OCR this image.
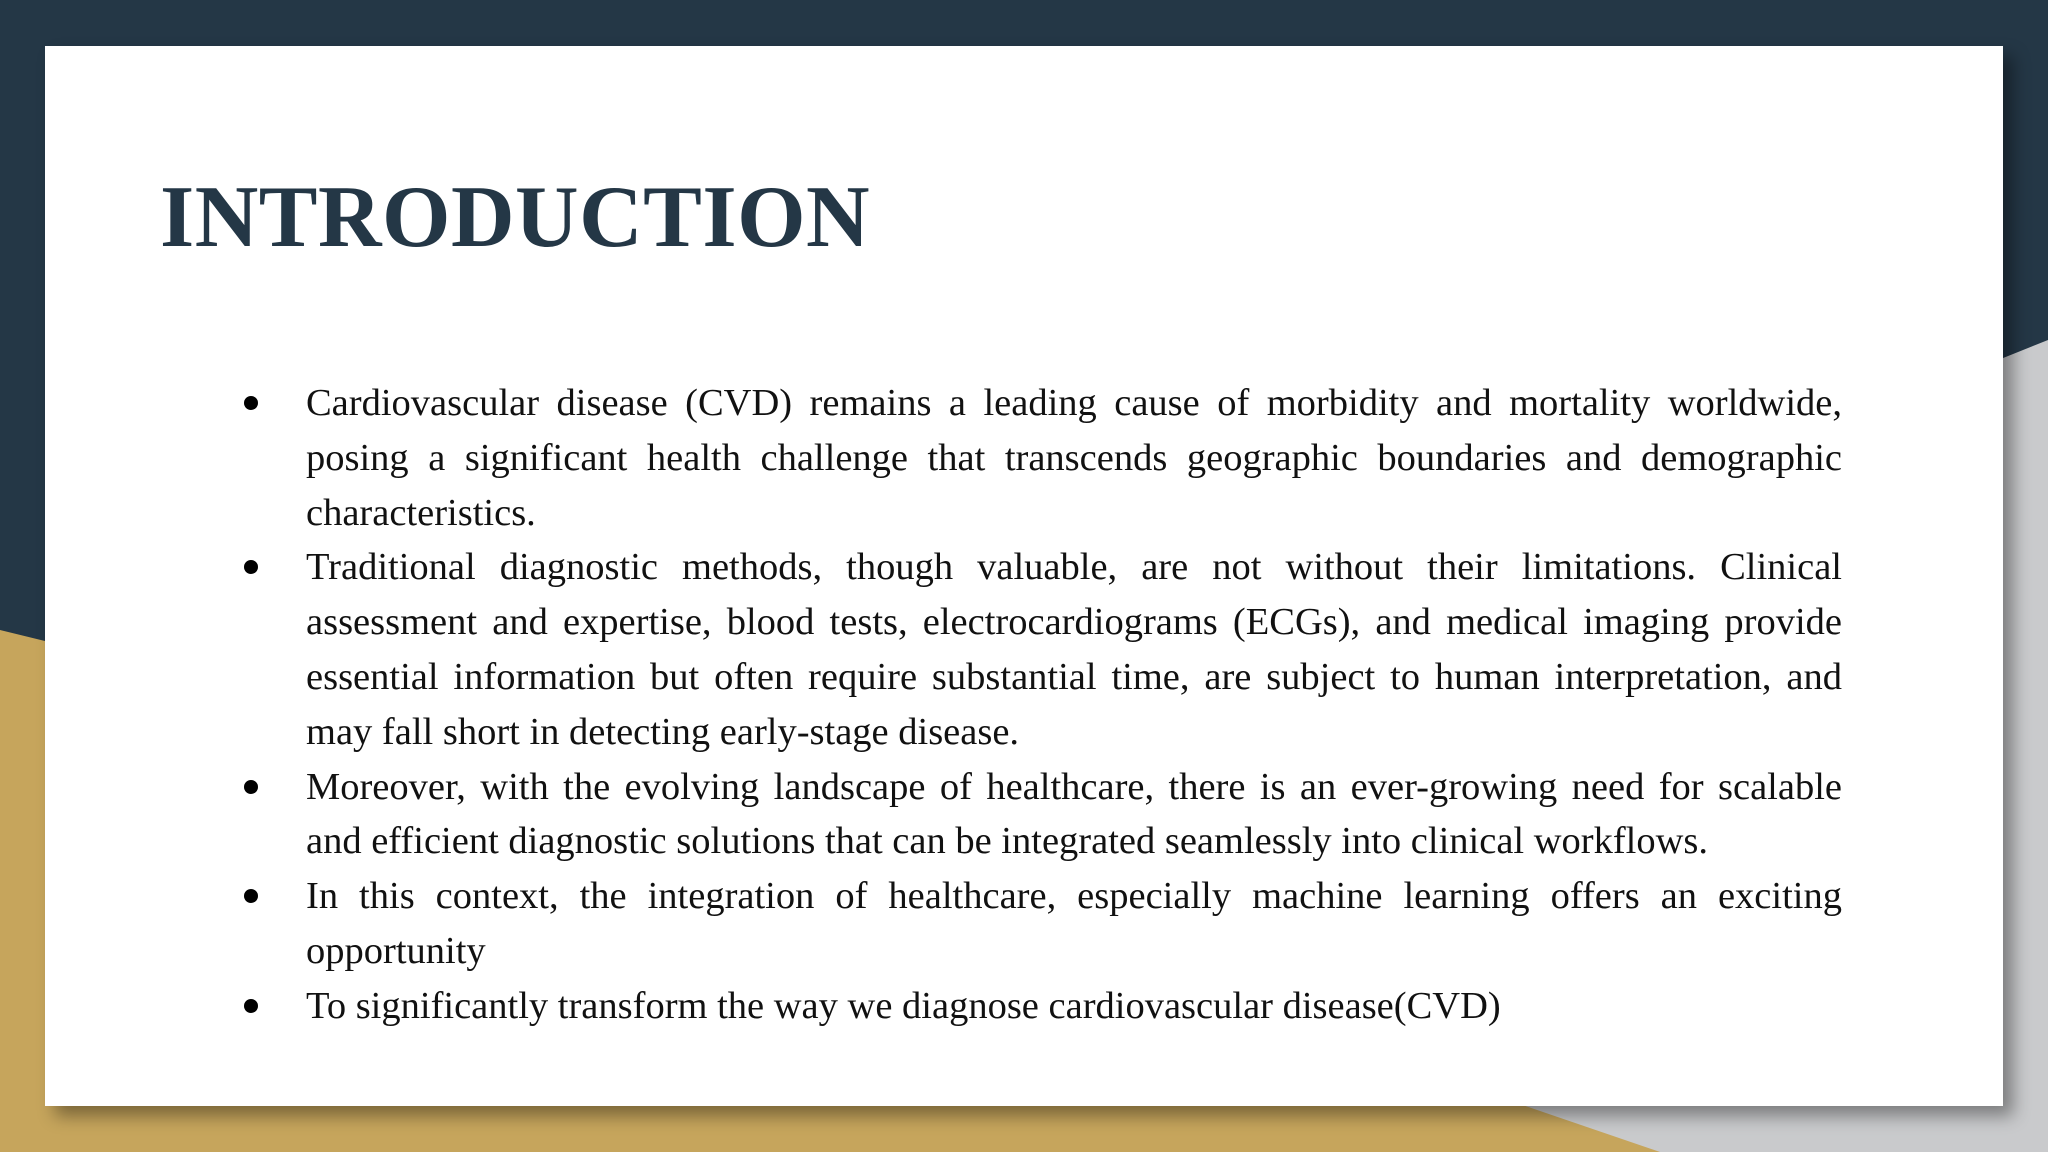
INTRODUCTION
Cardiovascular disease (CVD) remains a leading cause of morbidity and mortality worldwide, posing a significant health challenge that transcends geographic boundaries and demographic characteristics.
Traditional diagnostic methods, though valuable, are not without their limitations. Clinical assessment and expertise, blood tests, electrocardiograms (ECGs), and medical imaging provide essential information but often require substantial time, are subject to human interpretation, and may fall short in detecting early-stage disease.
Moreover, with the evolving landscape of healthcare, there is an ever-growing need for scalable and efficient diagnostic solutions that can be integrated seamlessly into clinical workflows.
In this context, the integration of healthcare, especially machine learning offers an exciting opportunity
To significantly transform the way we diagnose cardiovascular disease(CVD)
